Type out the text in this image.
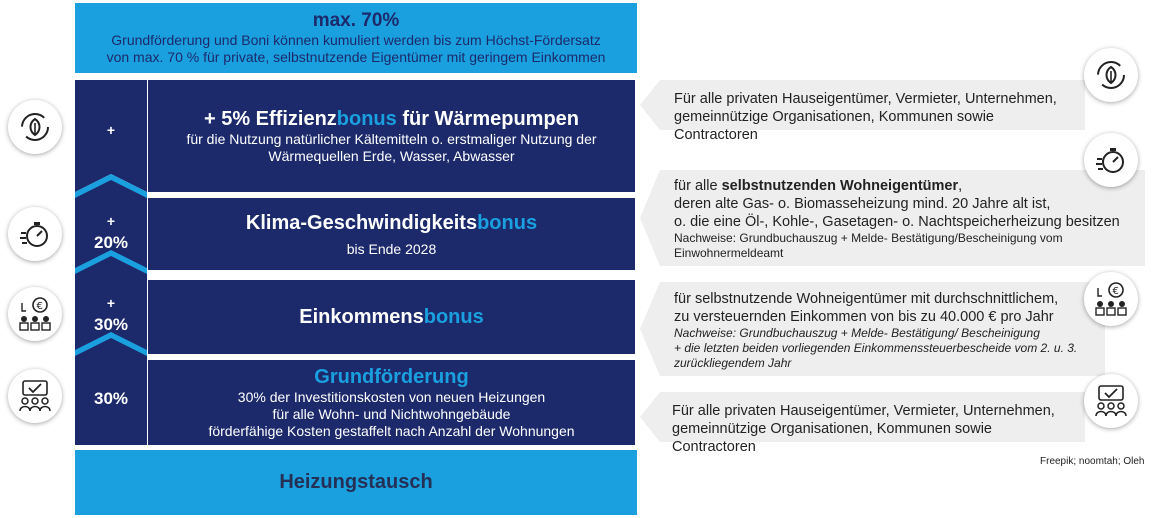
max. 70%
Grundförderung und Boni können kumuliert werden bis zum Höchst-Fördersatz
von max. 70 % für private, selbstnutzende Eigentümer mit geringem Einkommen
+
+
20%
+
30%
30%
+ 5% Effizienzbonus für Wärmepumpen
für die Nutzung natürlicher Kältemitteln o. erstmaliger Nutzung der
Wärmequellen Erde, Wasser, Abwasser
Klima-Geschwindigkeitsbonus
bis Ende 2028
Einkommensbonus
Grundförderung
30% der Investitionskosten von neuen Heizungen
für alle Wohn- und Nichtwohngebäude
förderfähige Kosten gestaffelt nach Anzahl der Wohnungen
Heizungstausch
€
Für alle privaten Hauseigentümer, Vermieter, Unternehmen,
gemeinnützige Organisationen, Kommunen sowie Contractoren
für alle selbstnutzenden Wohneigentümer,
deren alte Gas- o. Biomasseheizung mind. 20 Jahre alt ist,
o. die eine Öl-, Kohle-, Gasetagen- o. Nachtspeicherheizung besitzen
Nachweise: Grundbuchauszug + Melde- Bestätigung/Bescheinigung vom
Einwohnermeldeamt
für selbstnutzende Wohneigentümer mit durchschnittlichem,
zu versteuernden Einkommen von bis zu 40.000 € pro Jahr
Nachweise: Grundbuchauszug + Melde- Bestätigung/ Bescheinigung
+ die letzten beiden vorliegenden Einkommenssteuerbescheide vom 2. u. 3.
zurückliegendem Jahr
Für alle privaten Hauseigentümer, Vermieter, Unternehmen,
gemeinnützige Organisationen, Kommunen sowie Contractoren
€
Freepik; noomtah; Oleh
